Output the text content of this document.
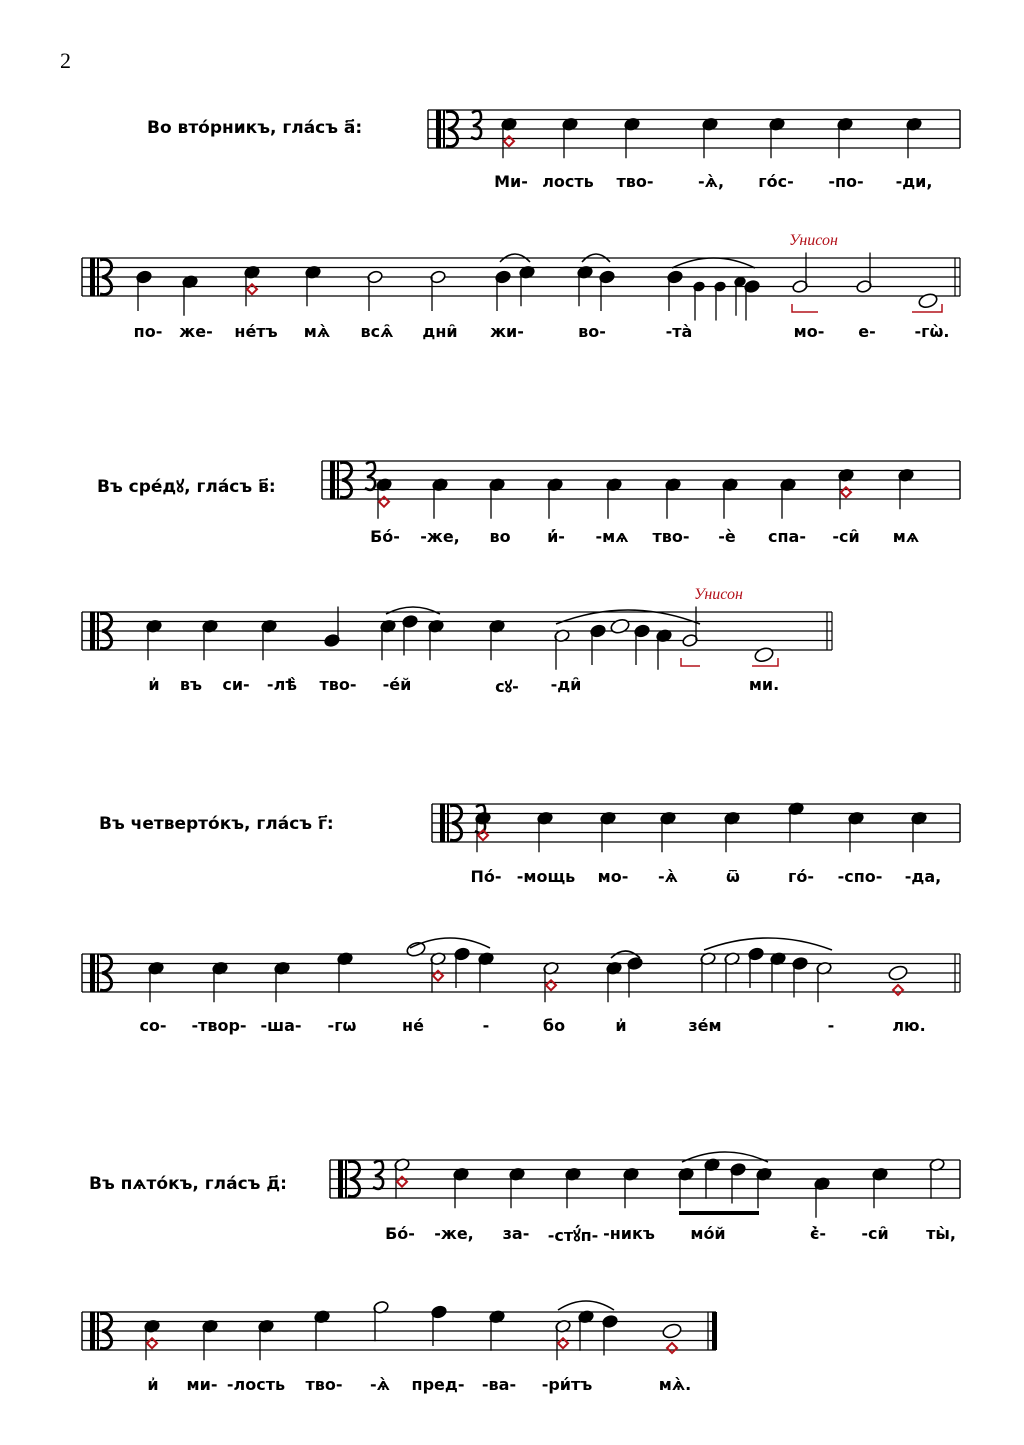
2
Во вто́рникъ, гла́съ а҃:
Въ сре́дꙋ, гла́съ в҃:
Въ четверто́къ, гла́съ г҃:
Въ пѧто́къ, гла́съ д҃:
Унисон
Унисон
Ми- лость тво-	-ѧ̀, го́с- -по- -ди,
по- же- не́тъ мѧ̀ всѧ̑ дни̑ жи-	во-	-та̀	мо- е- -гѡ̀.
Бо́- -же, во и҆́- -мѧ тво- -ѐ спа- -си̑ мѧ
и҆ въ си- -лѣ̀ тво- -е́й	сꙋ- -ди̑	ми.
По́- -мощь мо- -ѧ̀	ѿ	го́- -спо- -да,
со- -твор- -ша- -гѡ	не́	-	бо	и҆	зе́м	-	лю.
Бо́- -же, за- -стꙋ́п- -никъ мо́й	є҆̀- -си̑ ты̀,
и҆ ми- -лость тво- -ѧ̀ пред- -ва- -ри́тъ	мѧ̀.
